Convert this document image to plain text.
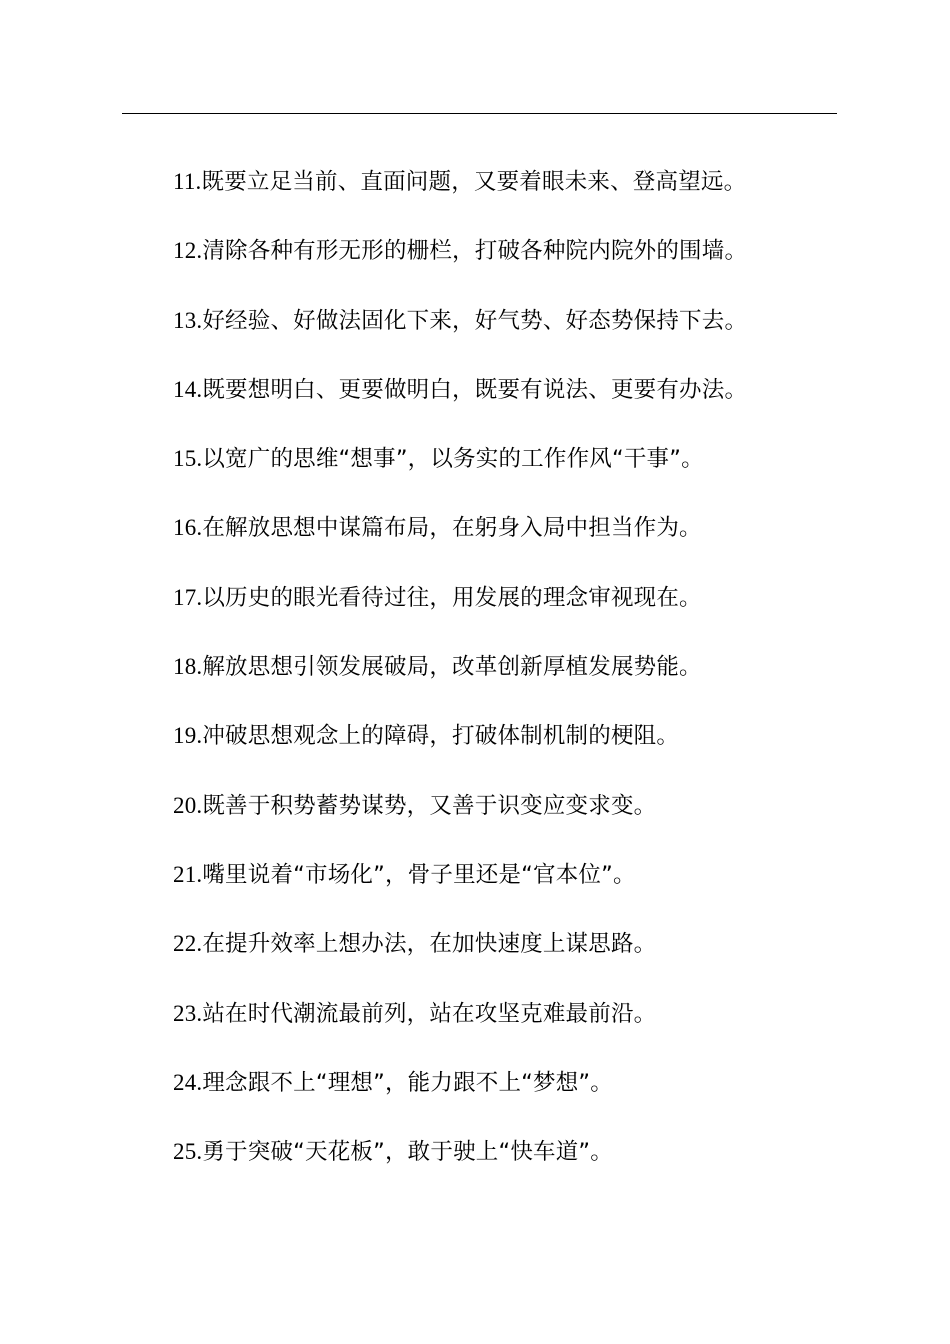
11.既要立足当前、直面问题，又要着眼未来、登高望远。
12.清除各种有形无形的栅栏，打破各种院内院外的围墙。
13.好经验、好做法固化下来，好气势、好态势保持下去。
14.既要想明白、更要做明白，既要有说法、更要有办法。
15.以宽广的思维“想事”，以务实的工作作风“干事”。
16.在解放思想中谋篇布局，在躬身入局中担当作为。
17.以历史的眼光看待过往，用发展的理念审视现在。
18.解放思想引领发展破局，改革创新厚植发展势能。
19.冲破思想观念上的障碍，打破体制机制的梗阻。
20.既善于积势蓄势谋势，又善于识变应变求变。
21.嘴里说着“市场化”，骨子里还是“官本位”。
22.在提升效率上想办法，在加快速度上谋思路。
23.站在时代潮流最前列，站在攻坚克难最前沿。
24.理念跟不上“理想”，能力跟不上“梦想”。
25.勇于突破“天花板”，敢于驶上“快车道”。
